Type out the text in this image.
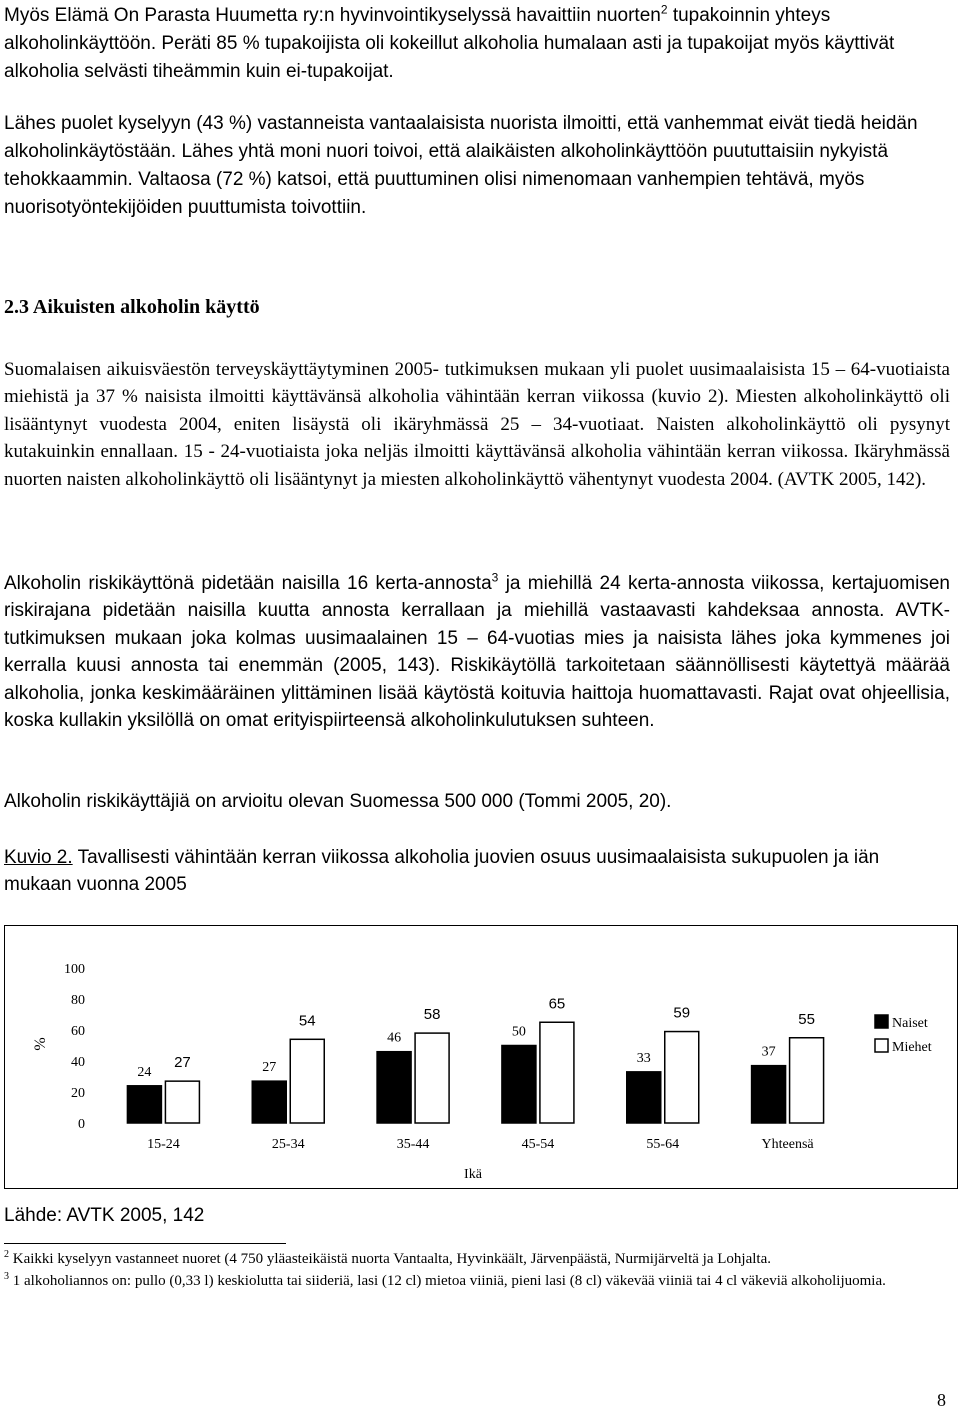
Myös Elämä On Parasta Huumetta ry:n hyvinvointikyselyssä havaittiin nuorten$^2$ tupakoinnin yhteys alkoholinkäyttöön. Peräti 85 % tupakoijista oli kokeillut alkoholia humalaan asti ja tupakoijat myös käyttivät alkoholia selvästi tiheämmin kuin ei-tupakoijat.

Lähes puolet kyselyyn (43 %) vastanneista vantaalaisista nuorista ilmoitti, että vanhemmat eivät tiedä heidän alkoholinkäytöstään. Lähes yhtä moni nuori toivoi, että alaikäisten alkoholinkäyttöön puututtaisiin nykyistä tehokkaammin. Valtaosa (72 %) katsoi, että puuttuminen olisi nimenomaan vanhempien tehtävä, myös nuorisotyöntekijöiden puuttumista toivottiin.

2.3 Aikuisten alkoholin käyttö

Suomalaisen aikuisväestön terveyskäyttäytyminen 2005- tutkimuksen mukaan yli puolet uusimaalaisista 15 – 64-vuotiaista miehistä ja 37 % naisista ilmoitti käyttävänsä alkoholia vähintään kerran viikossa (kuvio 2). Miesten alkoholinkäyttö oli lisääntynyt vuodesta 2004, eniten lisäystä oli ikäryhmässä 25 – 34-vuotiaat. Naisten alkoholinkäyttö oli pysynyt kutakuinkin ennallaan. 15 - 24-vuotiaista joka neljäs ilmoitti käyttävänsä alkoholia vähintään kerran viikossa. Ikäryhmässä nuorten naisten alkoholinkäyttö oli lisääntynyt ja miesten alkoholinkäyttö vähentynyt vuodesta 2004. (AVTK 2005, 142).

Alkoholin riskikäyttönä pidetään naisilla 16 kerta-annosta$^3$ ja miehillä 24 kerta-annosta viikossa, kertajuomisen riskirajana pidetään naisilla kuutta annosta kerrallaan ja miehillä vastaavasti kahdeksaa annosta. AVTK-tutkimuksen mukaan joka kolmas uusimaalainen 15 – 64-vuotias mies ja naisista lähes joka kymmenes joi kerralla kuusi annosta tai enemmän (2005, 143). Riskikäytöllä tarkoitetaan säännöllisesti käytettyä määrää alkoholia, jonka keskimääräinen ylittäminen lisää käytöstä koituvia haittoja huomattavasti. Rajat ovat ohjeellisia, koska kullakin yksilöllä on omat erityispiirteensä alkoholinkulutuksen suhteen.

Alkoholin riskikäyttäjiä on arvioitu olevan Suomessa 500 000 (Tommi 2005, 20).

Kuvio 2. Tavallisesti vähintään kerran viikossa alkoholia juovien osuus uusimaalaisista sukupuolen ja iän mukaan vuonna 2005
0
20
40
60
80
100
%
24
27
15-24
27
54
25-34
46
58
35-44
50
65
45-54
33
59
55-64
37
55
Yhteensä
Ikä
Naiset
Miehet
Lähde: AVTK 2005, 142

$^2$ Kaikki kyselyyn vastanneet nuoret (4 750 yläasteikäistä nuorta Vantaalta, Hyvinkäält, Järvenpäästä, Nurmijärveltä ja Lohjalta.

$^3$ 1 alkoholiannos on: pullo (0,33 l) keskiolutta tai siideriä, lasi (12 cl) mietoa viiniä, pieni lasi (8 cl) väkevää viiniä tai 4 cl väkeviä alkoholijuomia.

8
